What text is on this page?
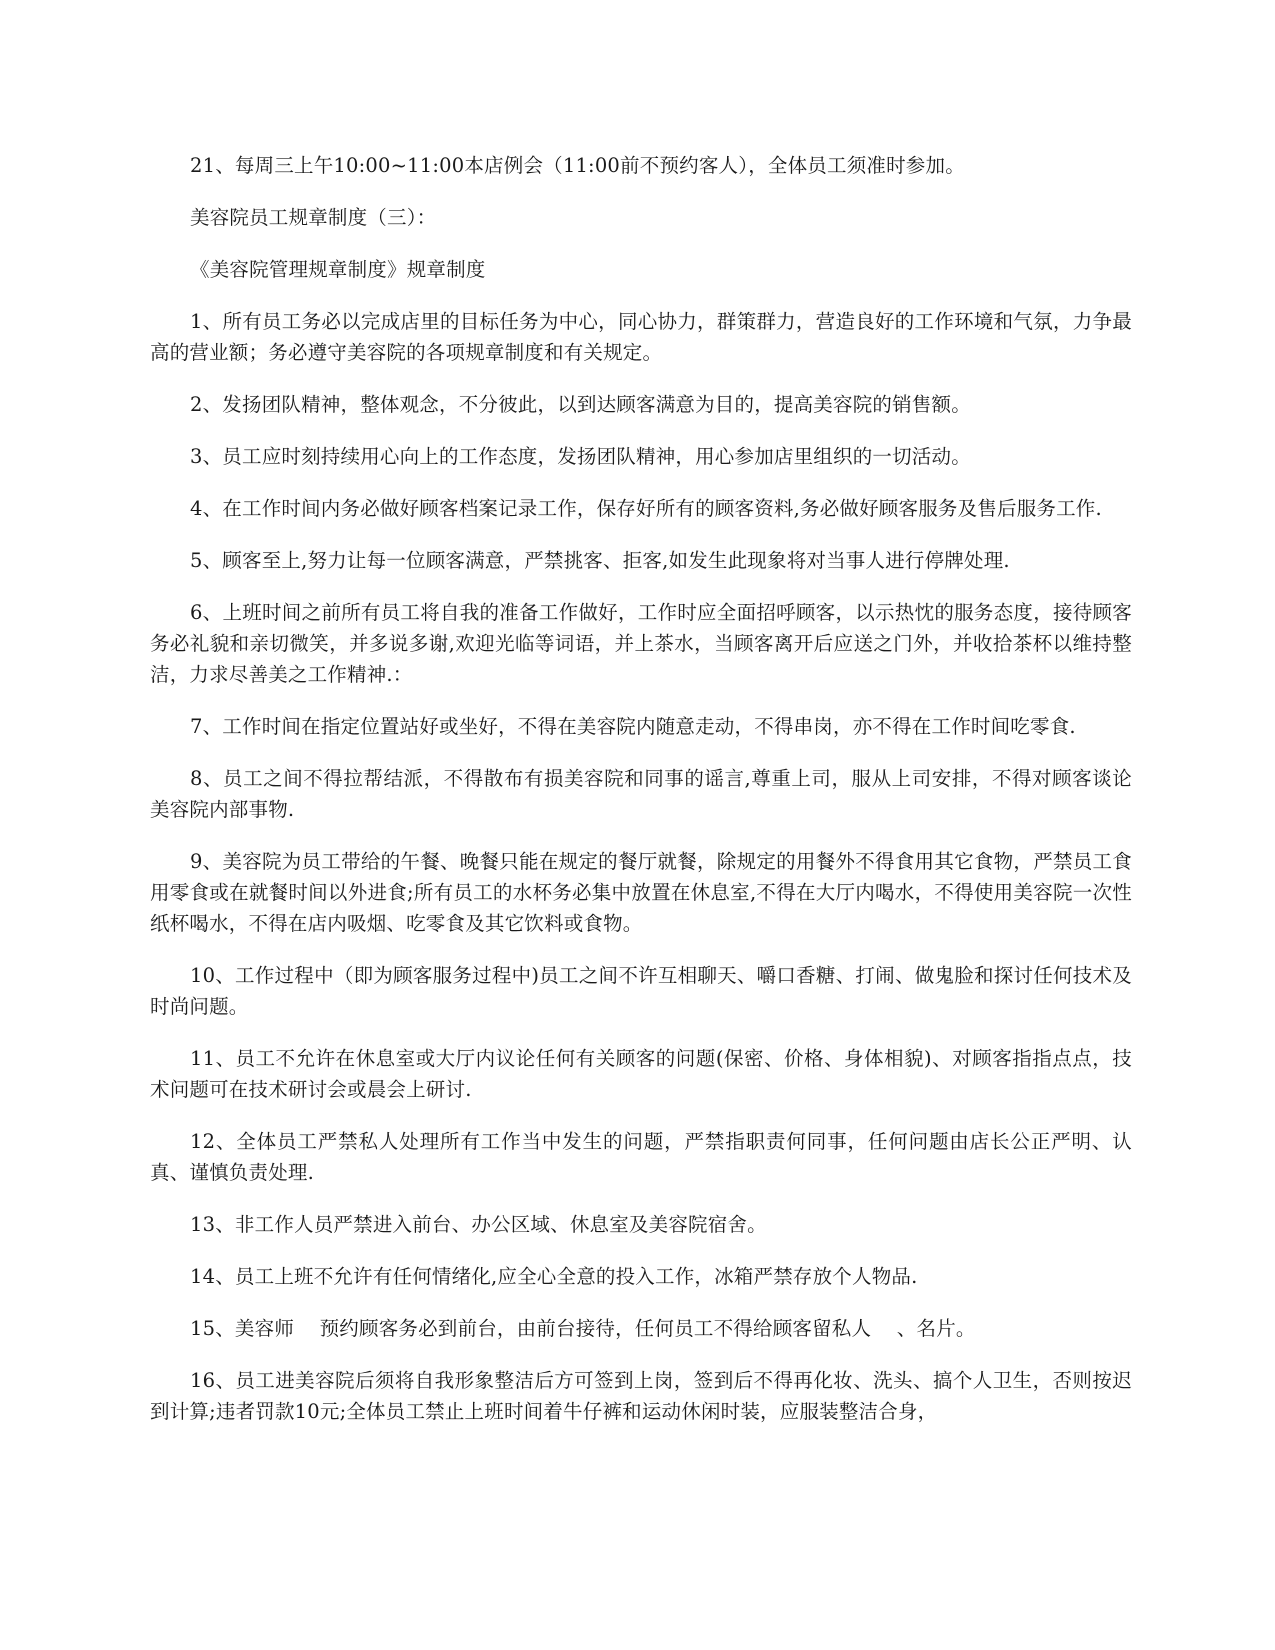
21、每周三上午10:00~11:00本店例会（11:00前不预约客人），全体员工须准时参加。

美容院员工规章制度（三）：

《美容院管理规章制度》规章制度

1、所有员工务必以完成店里的目标任务为中心，同心协力，群策群力，营造良好的工作环境和气氛，力争最高的营业额；务必遵守美容院的各项规章制度和有关规定。

2、发扬团队精神，整体观念，不分彼此，以到达顾客满意为目的，提高美容院的销售额。

3、员工应时刻持续用心向上的工作态度，发扬团队精神，用心参加店里组织的一切活动。

4、在工作时间内务必做好顾客档案记录工作，保存好所有的顾客资料,务必做好顾客服务及售后服务工作.

5、顾客至上,努力让每一位顾客满意，严禁挑客、拒客,如发生此现象将对当事人进行停牌处理.

6、上班时间之前所有员工将自我的准备工作做好，工作时应全面招呼顾客，以示热忱的服务态度，接待顾客务必礼貌和亲切微笑，并多说多谢,欢迎光临等词语，并上茶水，当顾客离开后应送之门外，并收拾茶杯以维持整洁，力求尽善美之工作精神.：

7、工作时间在指定位置站好或坐好，不得在美容院内随意走动，不得串岗，亦不得在工作时间吃零食.

8、员工之间不得拉帮结派，不得散布有损美容院和同事的谣言,尊重上司，服从上司安排，不得对顾客谈论美容院内部事物.

9、美容院为员工带给的午餐、晚餐只能在规定的餐厅就餐，除规定的用餐外不得食用其它食物，严禁员工食用零食或在就餐时间以外进食;所有员工的水杯务必集中放置在休息室,不得在大厅内喝水，不得使用美容院一次性纸杯喝水，不得在店内吸烟、吃零食及其它饮料或食物。

10、工作过程中（即为顾客服务过程中)员工之间不许互相聊天、嚼口香糖、打闹、做鬼脸和探讨任何技术及时尚问题。

11、员工不允许在休息室或大厅内议论任何有关顾客的问题(保密、价格、身体相貌)、对顾客指指点点，技术问题可在技术研讨会或晨会上研讨.

12、全体员工严禁私人处理所有工作当中发生的问题，严禁指职责何同事，任何问题由店长公正严明、认真、谨慎负责处理.

13、非工作人员严禁进入前台、办公区域、休息室及美容院宿舍。

14、员工上班不允许有任何情绪化,应全心全意的投入工作，冰箱严禁存放个人物品.

15、美容师    预约顾客务必到前台，由前台接待，任何员工不得给顾客留私人    、名片。

16、员工进美容院后须将自我形象整洁后方可签到上岗，签到后不得再化妆、洗头、搞个人卫生，否则按迟到计算;违者罚款10元;全体员工禁止上班时间着牛仔裤和运动休闲时装，应服装整洁合身，
